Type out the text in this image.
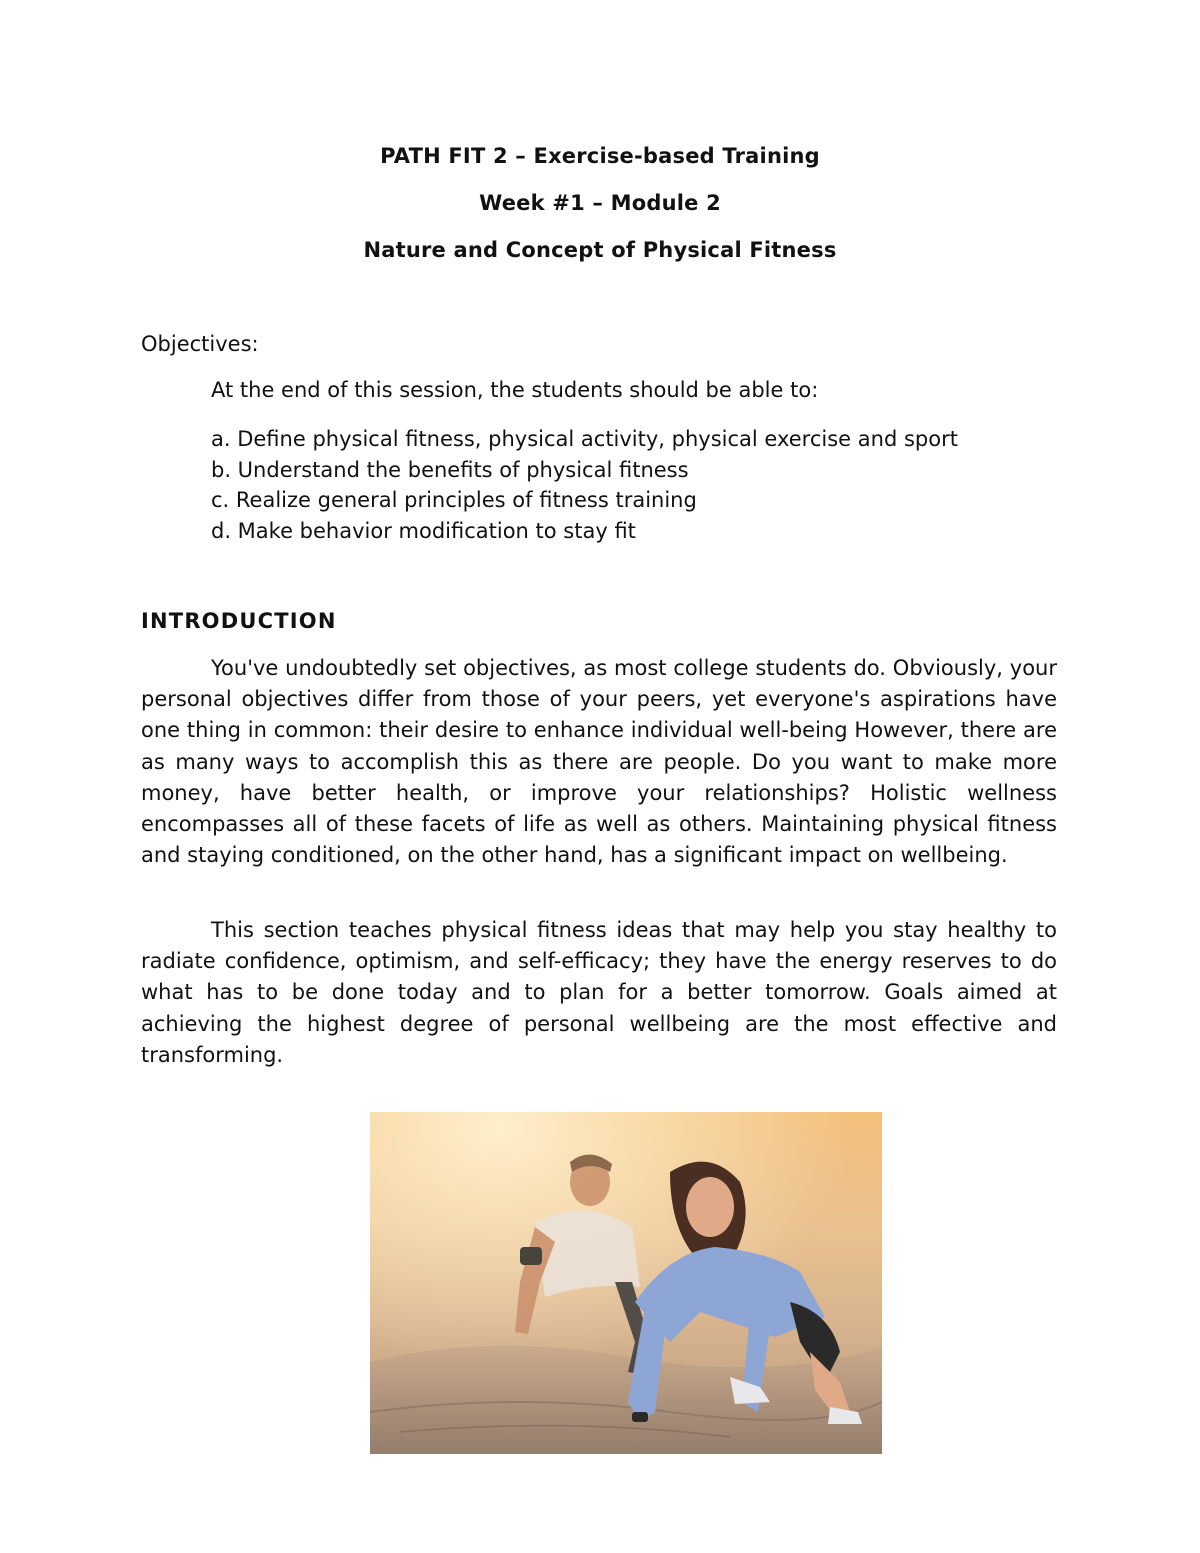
PATH FIT 2 – Exercise-based Training
Week #1 – Module 2
Nature and Concept of Physical Fitness
Objectives:
At the end of this session, the students should be able to:
a. Define physical fitness, physical activity, physical exercise and sport
b. Understand the benefits of physical fitness
c. Realize general principles of fitness training
d. Make behavior modification to stay fit
INTRODUCTION

You've undoubtedly set objectives, as most college students do. Obviously, your personal objectives differ from those of your peers, yet everyone's aspirations have one thing in common: their desire to enhance individual well-being However, there are as many ways to accomplish this as there are people. Do you want to make more money, have better health, or improve your relationships? Holistic wellness encompasses all of these facets of life as well as others. Maintaining physical fitness and staying conditioned, on the other hand, has a significant impact on wellbeing.

This section teaches physical fitness ideas that may help you stay healthy to radiate confidence, optimism, and self-efficacy; they have the energy reserves to do what has to be done today and to plan for a better tomorrow. Goals aimed at achieving the highest degree of personal wellbeing are the most effective and transforming.
